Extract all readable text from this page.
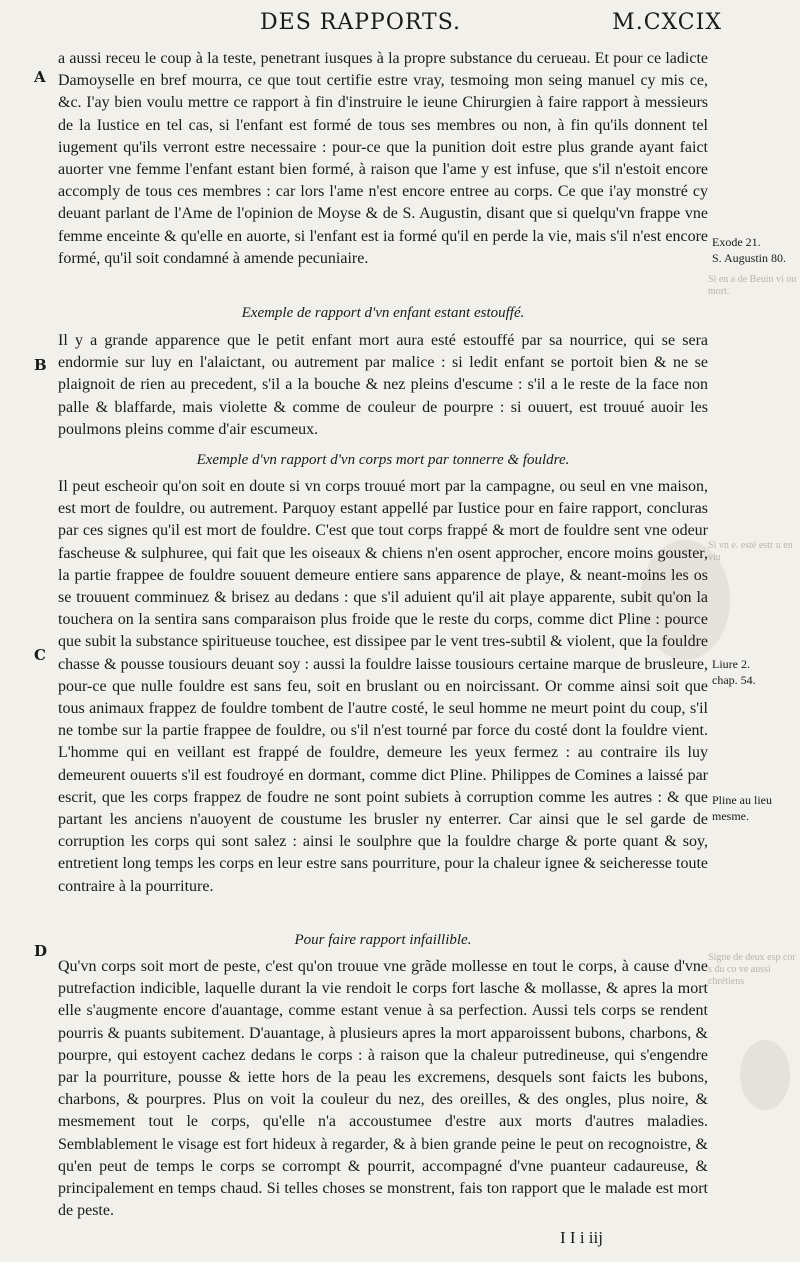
DES RAPPORTS.	M.CXCIX
A
B
C
D

a aussi receu le coup à la teste, penetrant iusques à la propre substance du cerueau. Et pour ce ladicte Damoyselle en bref mourra, ce que tout certifie estre vray, tesmoing mon seing manuel cy mis ce, &c. I'ay bien voulu mettre ce rapport à fin d'instruire le ieune Chirurgien à faire rapport à messieurs de la Iustice en tel cas, si l'enfant est formé de tous ses membres ou non, à fin qu'ils donnent tel iugement qu'ils verront estre necessaire : pour-ce que la punition doit estre plus grande ayant faict auorter vne femme l'enfant estant bien formé, à raison que l'ame y est infuse, que s'il n'estoit encore accomply de tous ces membres : car lors l'ame n'est encore entree au corps. Ce que i'ay monstré cy deuant parlant de l'Ame de l'opinion de Moyse & de S. Augustin, disant que si quelqu'vn frappe vne femme enceinte & qu'elle en auorte, si l'enfant est ia formé qu'il en perde la vie, mais s'il n'est encore formé, qu'il soit condamné à amende pecuniaire.

Exemple de rapport d'vn enfant estant estouffé.

Il y a grande apparence que le petit enfant mort aura esté estouffé par sa nourrice, qui se sera endormie sur luy en l'alaictant, ou autrement par malice : si ledit enfant se portoit bien & ne se plaignoit de rien au precedent, s'il a la bouche & nez pleins d'escume : s'il a le reste de la face non palle & blaffarde, mais violette & comme de couleur de pourpre : si ouuert, est trouué auoir les poulmons pleins comme d'air escumeux.

Exemple d'vn rapport d'vn corps mort par tonnerre & fouldre.

Il peut escheoir qu'on soit en doute si vn corps trouué mort par la campagne, ou seul en vne maison, est mort de fouldre, ou autrement. Parquoy estant appellé par Iustice pour en faire rapport, concluras par ces signes qu'il est mort de fouldre. C'est que tout corps frappé & mort de fouldre sent vne odeur fascheuse & sulphuree, qui fait que les oiseaux & chiens n'en osent approcher, encore moins gouster, la partie frappee de fouldre souuent demeure entiere sans apparence de playe, & neant-moins les os se trouuent comminuez & brisez au dedans : que s'il aduient qu'il ait playe apparente, subit qu'on la touchera on la sentira sans comparaison plus froide que le reste du corps, comme dict Pline : pource que subit la substance spiritueuse touchee, est dissipee par le vent tres-subtil & violent, que la fouldre chasse & pousse tousiours deuant soy : aussi la fouldre laisse tousiours certaine marque de brusleure, pour-ce que nulle fouldre est sans feu, soit en bruslant ou en noircissant. Or comme ainsi soit que tous animaux frappez de fouldre tombent de l'autre costé, le seul homme ne meurt point du coup, s'il ne tombe sur la partie frappee de fouldre, ou s'il n'est tourné par force du costé dont la fouldre vient. L'homme qui en veillant est frappé de fouldre, demeure les yeux fermez : au contraire ils luy demeurent ouuerts s'il est foudroyé en dormant, comme dict Pline. Philippes de Comines a laissé par escrit, que les corps frappez de foudre ne sont point subiets à corruption comme les autres : & que partant les anciens n'auoyent de coustume les brusler ny enterrer. Car ainsi que le sel garde de corruption les corps qui sont salez : ainsi le soulphre que la fouldre charge & porte quant & soy, entretient long temps les corps en leur estre sans pourriture, pour la chaleur ignee & seicheresse toute contraire à la pourriture.

Pour faire rapport infaillible.

Qu'vn corps soit mort de peste, c'est qu'on trouue vne grãde mollesse en tout le corps, à cause d'vne putrefaction indicible, laquelle durant la vie rendoit le corps fort lasche & mollasse, & apres la mort elle s'augmente encore d'auantage, comme estant venue à sa perfection. Aussi tels corps se rendent pourris & puants subitement. D'auantage, à plusieurs apres la mort apparoissent bubons, charbons, & pourpre, qui estoyent cachez dedans le corps : à raison que la chaleur putredineuse, qui s'engendre par la pourriture, pousse & iette hors de la peau les excremens, desquels sont faicts les bubons, charbons, & pourpres. Plus on voit la couleur du nez, des oreilles, & des ongles, plus noire, & mesmement tout le corps, qu'elle n'a accoustumee d'estre aux morts d'autres maladies. Semblablement le visage est fort hideux à regarder, & à bien grande peine le peut on recognoistre, & qu'en peut de temps le corps se corrompt & pourrit, accompagné d'vne puanteur cadaureuse, & principalement en temps chaud. Si telles choses se monstrent, fais ton rapport que le malade est mort de peste.

Exode 21.
S. Augustin 80.
Liure 2.
chap. 54.
Pline au lieu
mesme.
Si en a de Beuin vi ou mort.
Si vn e. esté estr u en viu
Signe de deux esp cor s du co ve aussi chrétiens
I I i iij
